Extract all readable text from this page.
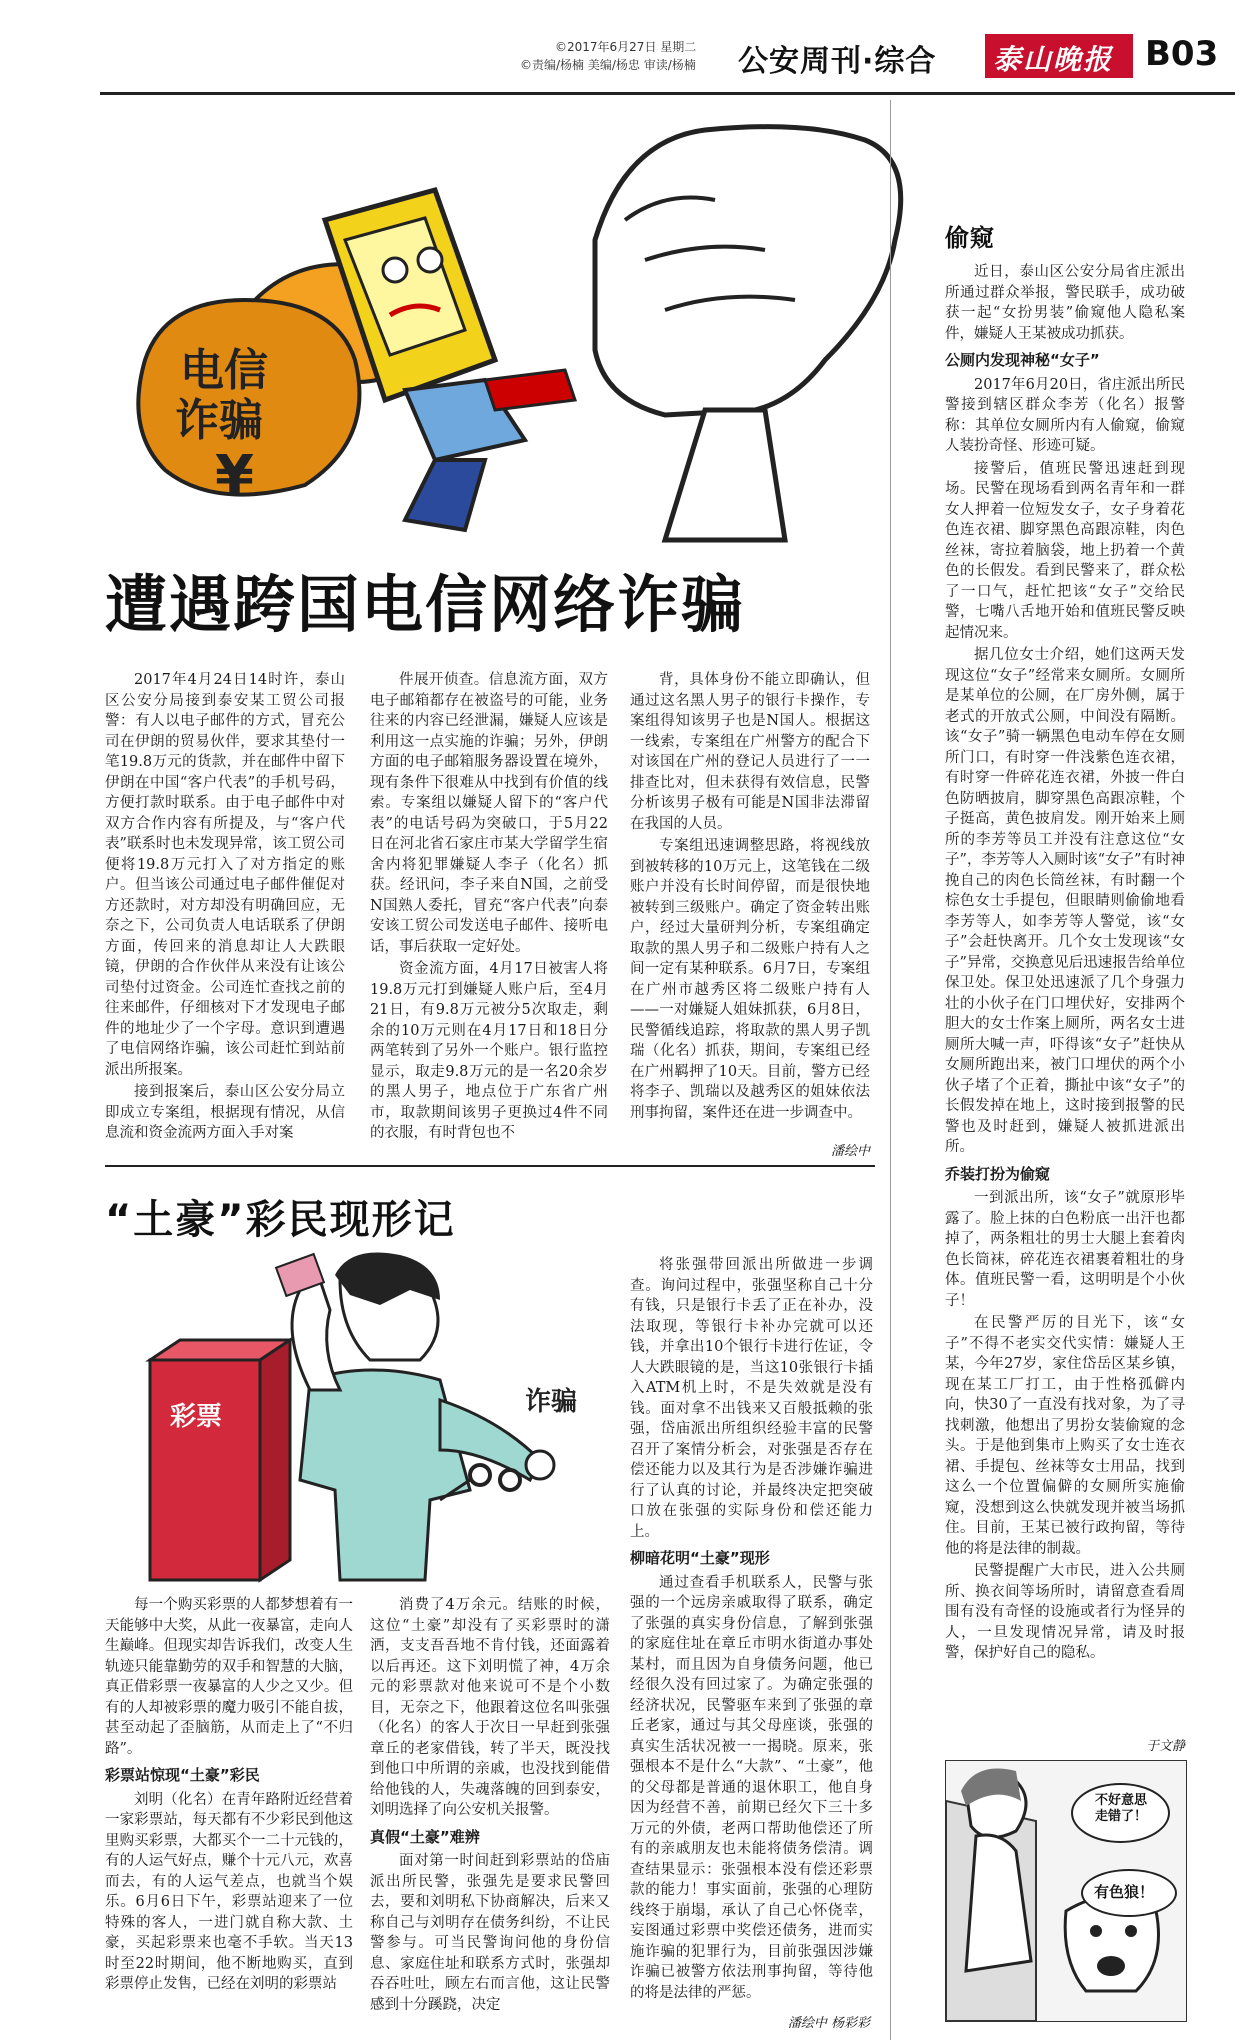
©2017年6月27日 星期二
©责编/杨楠 美编/杨忠 审读/杨楠 公安周刊·综合 泰山晚报 B03
电信
诈骗
¥
遭遇跨国电信网络诈骗

2017年4月24日14时许，泰山区公安分局接到泰安某工贸公司报警：有人以电子邮件的方式，冒充公司在伊朗的贸易伙伴，要求其垫付一笔19.8万元的货款，并在邮件中留下伊朗在中国“客户代表”的手机号码，方便打款时联系。由于电子邮件中对双方合作内容有所提及，与“客户代表”联系时也未发现异常，该工贸公司便将19.8万元打入了对方指定的账户。但当该公司通过电子邮件催促对方还款时，对方却没有明确回应，无奈之下，公司负责人电话联系了伊朗方面，传回来的消息却让人大跌眼镜，伊朗的合作伙伴从来没有让该公司垫付过资金。公司连忙查找之前的往来邮件，仔细核对下才发现电子邮件的地址少了一个字母。意识到遭遇了电信网络诈骗，该公司赶忙到站前派出所报案。

接到报案后，泰山区公安分局立即成立专案组，根据现有情况，从信息流和资金流两方面入手对案

件展开侦查。信息流方面，双方电子邮箱都存在被盗号的可能，业务往来的内容已经泄漏，嫌疑人应该是利用这一点实施的诈骗；另外，伊朗方面的电子邮箱服务器设置在境外，现有条件下很难从中找到有价值的线索。专案组以嫌疑人留下的“客户代表”的电话号码为突破口，于5月22日在河北省石家庄市某大学留学生宿舍内将犯罪嫌疑人李子（化名）抓获。经讯问，李子来自N国，之前受N国熟人委托，冒充“客户代表”向泰安该工贸公司发送电子邮件、接听电话，事后获取一定好处。

资金流方面，4月17日被害人将19.8万元打到嫌疑人账户后，至4月21日，有9.8万元被分5次取走，剩余的10万元则在4月17日和18日分两笔转到了另外一个账户。银行监控显示，取走9.8万元的是一名20余岁的黑人男子，地点位于广东省广州市，取款期间该男子更换过4件不同的衣服，有时背包也不

背，具体身份不能立即确认，但通过这名黑人男子的银行卡操作，专案组得知该男子也是N国人。根据这一线索，专案组在广州警方的配合下对该国在广州的登记人员进行了一一排查比对，但未获得有效信息，民警分析该男子极有可能是N国非法滞留在我国的人员。

专案组迅速调整思路，将视线放到被转移的10万元上，这笔钱在二级账户并没有长时间停留，而是很快地被转到三级账户。确定了资金转出账户，经过大量研判分析，专案组确定取款的黑人男子和二级账户持有人之间一定有某种联系。6月7日，专案组在广州市越秀区将二级账户持有人——一对嫌疑人姐妹抓获，6月8日，民警循线追踪，将取款的黑人男子凯瑞（化名）抓获，期间，专案组已经在广州羁押了10天。目前，警方已经将李子、凯瑞以及越秀区的姐妹依法刑事拘留，案件还在进一步调查中。

潘绘中
“土豪”彩民现形记
彩票	诈骗

每一个购买彩票的人都梦想着有一天能够中大奖，从此一夜暴富，走向人生巅峰。但现实却告诉我们，改变人生轨迹只能靠勤劳的双手和智慧的大脑，真正借彩票一夜暴富的人少之又少。但有的人却被彩票的魔力吸引不能自拔，甚至动起了歪脑筋，从而走上了“不归路”。

彩票站惊现“土豪”彩民

刘明（化名）在青年路附近经营着一家彩票站，每天都有不少彩民到他这里购买彩票，大都买个一二十元钱的，有的人运气好点，赚个十元八元，欢喜而去，有的人运气差点，也就当个娱乐。6月6日下午，彩票站迎来了一位特殊的客人，一进门就自称大款、土豪，买起彩票来也毫不手软。当天13时至22时期间，他不断地购买，直到彩票停止发售，已经在刘明的彩票站

消费了4万余元。结账的时候，这位“土豪”却没有了买彩票时的潇洒，支支吾吾地不肯付钱，还面露着以后再还。这下刘明慌了神，4万余元的彩票款对他来说可不是个小数目，无奈之下，他跟着这位名叫张强（化名）的客人于次日一早赶到张强章丘的老家借钱，转了半天，既没找到他口中所谓的亲戚，也没找到能借给他钱的人，失魂落魄的回到泰安，刘明选择了向公安机关报警。

真假“土豪”难辨

面对第一时间赶到彩票站的岱庙派出所民警，张强先是要求民警回去，要和刘明私下协商解决，后来又称自己与刘明存在债务纠纷，不让民警参与。可当民警询问他的身份信息、家庭住址和联系方式时，张强却吞吞吐吐，顾左右而言他，这让民警感到十分蹊跷，决定

将张强带回派出所做进一步调查。询问过程中，张强坚称自己十分有钱，只是银行卡丢了正在补办，没法取现，等银行卡补办完就可以还钱，并拿出10个银行卡进行佐证，令人大跌眼镜的是，当这10张银行卡插入ATM机上时，不是失效就是没有钱。面对拿不出钱来又百般抵赖的张强，岱庙派出所组织经验丰富的民警召开了案情分析会，对张强是否存在偿还能力以及其行为是否涉嫌诈骗进行了认真的讨论，并最终决定把突破口放在张强的实际身份和偿还能力上。

柳暗花明“土豪”现形

通过查看手机联系人，民警与张强的一个远房亲戚取得了联系，确定了张强的真实身份信息，了解到张强的家庭住址在章丘市明水街道办事处某村，而且因为自身债务问题，他已经很久没有回过家了。为确定张强的经济状况，民警驱车来到了张强的章丘老家，通过与其父母座谈，张强的真实生活状况被一一揭晓。原来，张强根本不是什么“大款”、“土豪”，他的父母都是普通的退休职工，他自身因为经营不善，前期已经欠下三十多万元的外债，老两口帮助他偿还了所有的亲戚朋友也未能将债务偿清。调查结果显示：张强根本没有偿还彩票款的能力！事实面前，张强的心理防线终于崩塌，承认了自己心怀侥幸，妄图通过彩票中奖偿还债务，进而实施诈骗的犯罪行为，目前张强因涉嫌诈骗已被警方依法刑事拘留，等待他的将是法律的严惩。

潘绘中 杨彩彩
偷窥

近日，泰山区公安分局省庄派出所通过群众举报，警民联手，成功破获一起“女扮男装”偷窥他人隐私案件，嫌疑人王某被成功抓获。

公厕内发现神秘“女子”

2017年6月20日，省庄派出所民警接到辖区群众李芳（化名）报警称：其单位女厕所内有人偷窥，偷窥人装扮奇怪、形迹可疑。

接警后，值班民警迅速赶到现场。民警在现场看到两名青年和一群女人押着一位短发女子，女子身着花色连衣裙、脚穿黑色高跟凉鞋，肉色丝袜，寄拉着脑袋，地上扔着一个黄色的长假发。看到民警来了，群众松了一口气，赶忙把该“女子”交给民警，七嘴八舌地开始和值班民警反映起情况来。

据几位女士介绍，她们这两天发现这位“女子”经常来女厕所。女厕所是某单位的公厕，在厂房外侧，属于老式的开放式公厕，中间没有隔断。该“女子”骑一辆黑色电动车停在女厕所门口，有时穿一件浅紫色连衣裙，有时穿一件碎花连衣裙，外披一件白色防晒披肩，脚穿黑色高跟凉鞋，个子挺高，黄色披肩发。刚开始来上厕所的李芳等员工并没有注意这位“女子”，李芳等人入厕时该“女子”有时神挽自己的肉色长筒丝袜，有时翻一个棕色女士手提包，但眼睛则偷偷地看李芳等人，如李芳等人警觉，该“女子”会赶快离开。几个女士发现该“女子”异常，交换意见后迅速报告给单位保卫处。保卫处迅速派了几个身强力壮的小伙子在门口埋伏好，安排两个胆大的女士作案上厕所，两名女士进厕所大喊一声，吓得该“女子”赶快从女厕所跑出来，被门口埋伏的两个小伙子堵了个正着，撕扯中该“女子”的长假发掉在地上，这时接到报警的民警也及时赶到，嫌疑人被抓进派出所。

乔装打扮为偷窥

一到派出所，该“女子”就原形毕露了。脸上抹的白色粉底一出汗也都掉了，两条粗壮的男士大腿上套着肉色长筒袜，碎花连衣裙裹着粗壮的身体。值班民警一看，这明明是个小伙子！

在民警严厉的目光下，该“女子”不得不老实交代实情：嫌疑人王某，今年27岁，家住岱岳区某乡镇，现在某工厂打工，由于性格孤僻内向，快30了一直没有找对象，为了寻找刺激，他想出了男扮女装偷窥的念头。于是他到集市上购买了女士连衣裙、手提包、丝袜等女士用品，找到这么一个位置偏僻的女厕所实施偷窥，没想到这么快就发现并被当场抓住。目前，王某已被行政拘留，等待他的将是法律的制裁。

民警提醒广大市民，进入公共厕所、换衣间等场所时，请留意查看周围有没有奇怪的设施或者行为怪异的人，一旦发现情况异常，请及时报警，保护好自己的隐私。

于文静
不好意思
走错了！
有色狼！
